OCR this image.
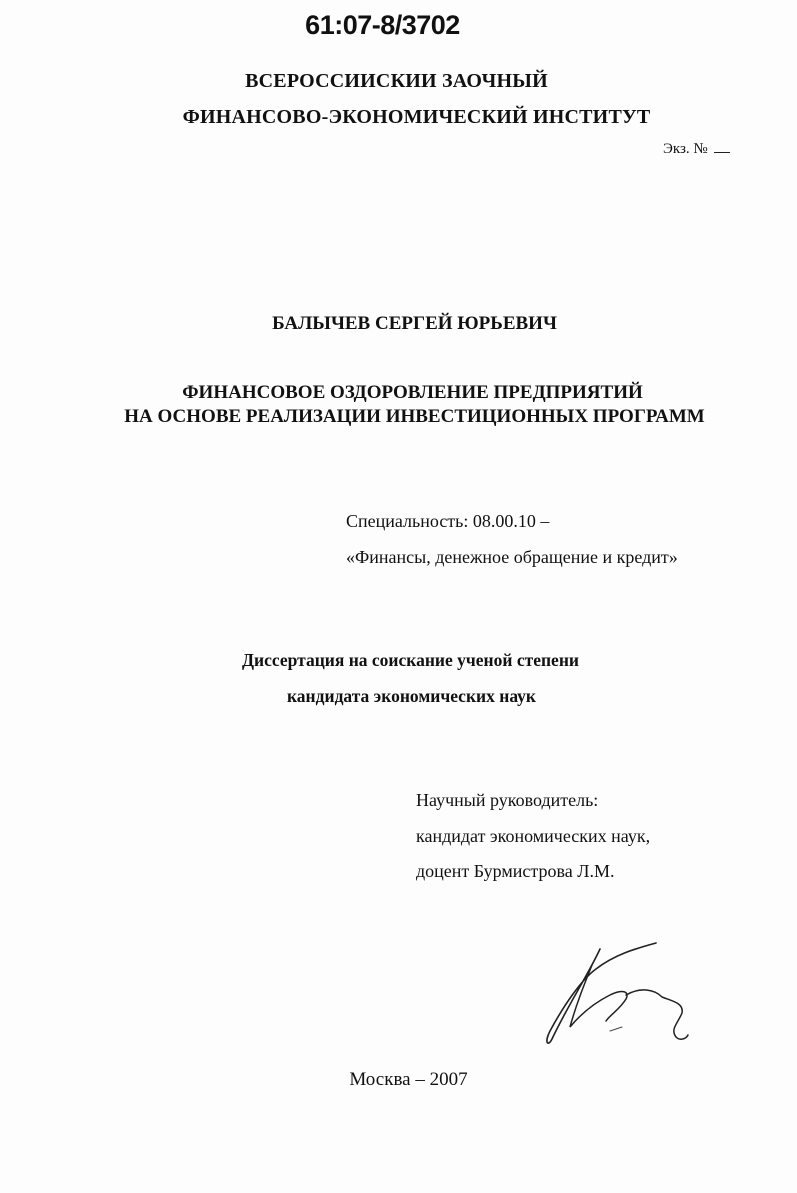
61:07-8/3702
ВСЕРОССИИСКИИ ЗАОЧНЫЙ
ФИНАНСОВО-ЭКОНОМИЧЕСКИЙ ИНСТИТУТ
Экз. №
БАЛЫЧЕВ СЕРГЕЙ ЮРЬЕВИЧ
ФИНАНСОВОЕ ОЗДОРОВЛЕНИЕ ПРЕДПРИЯТИЙ
НА ОСНОВЕ РЕАЛИЗАЦИИ ИНВЕСТИЦИОННЫХ ПРОГРАММ
Специальность: 08.00.10 –
«Финансы, денежное обращение и кредит»
Диссертация на соискание ученой степени
кандидата экономических наук
Научный руководитель:
кандидат экономических наук,
доцент Бурмистрова Л.М.
Москва – 2007
